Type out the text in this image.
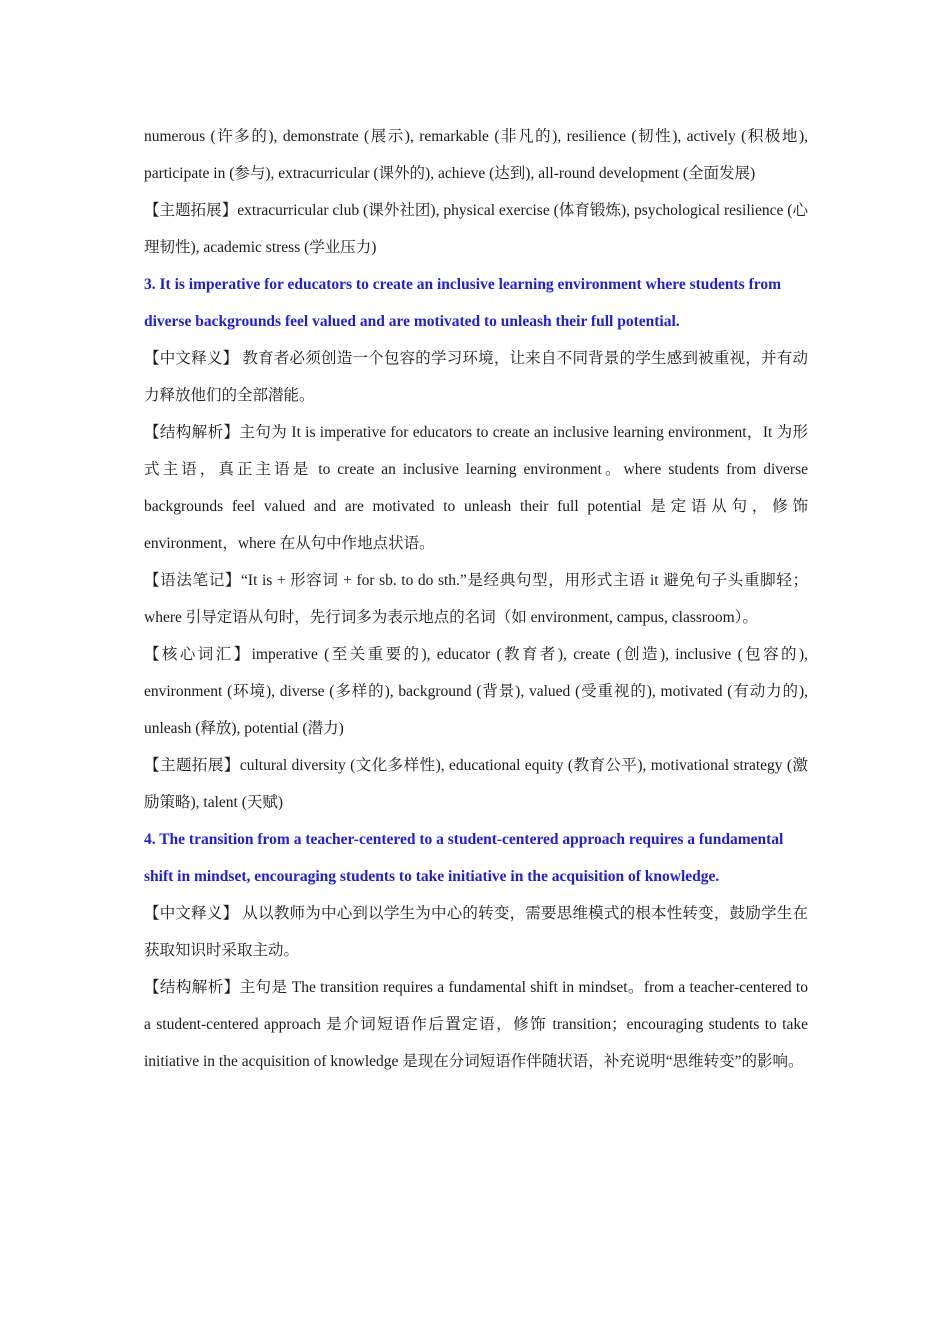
numerous (许多的), demonstrate (展示), remarkable (非凡的), resilience (韧性), actively (积极地), participate in (参与), extracurricular (课外的), achieve (达到), all-round development (全面发展)

【主题拓展】extracurricular club (课外社团), physical exercise (体育锻炼), psychological resilience (心理韧性), academic stress (学业压力)

3. It is imperative for educators to create an inclusive learning environment where students from diverse backgrounds feel valued and are motivated to unleash their full potential.

【中文释义】 教育者必须创造一个包容的学习环境，让来自不同背景的学生感到被重视，并有动力释放他们的全部潜能。

【结构解析】主句为 It is imperative for educators to create an inclusive learning environment，It 为形式主语，真正主语是 to create an inclusive learning environment。where students from diverse backgrounds feel valued and are motivated to unleash their full potential 是定语从句，修饰 environment，where 在从句中作地点状语。

【语法笔记】“It is + 形容词 + for sb. to do sth.”是经典句型，用形式主语 it 避免句子头重脚轻；where 引导定语从句时，先行词多为表示地点的名词（如 environment, campus, classroom）。

【核心词汇】imperative (至关重要的), educator (教育者), create (创造), inclusive (包容的), environment (环境), diverse (多样的), background (背景), valued (受重视的), motivated (有动力的), unleash (释放), potential (潜力)

【主题拓展】cultural diversity (文化多样性), educational equity (教育公平), motivational strategy (激励策略), talent (天赋)

4. The transition from a teacher-centered to a student-centered approach requires a fundamental shift in mindset, encouraging students to take initiative in the acquisition of knowledge.

【中文释义】 从以教师为中心到以学生为中心的转变，需要思维模式的根本性转变，鼓励学生在获取知识时采取主动。

【结构解析】主句是 The transition requires a fundamental shift in mindset。from a teacher-centered to a student-centered approach 是介词短语作后置定语，修饰 transition；encouraging students to take initiative in the acquisition of knowledge 是现在分词短语作伴随状语，补充说明“思维转变”的影响。
